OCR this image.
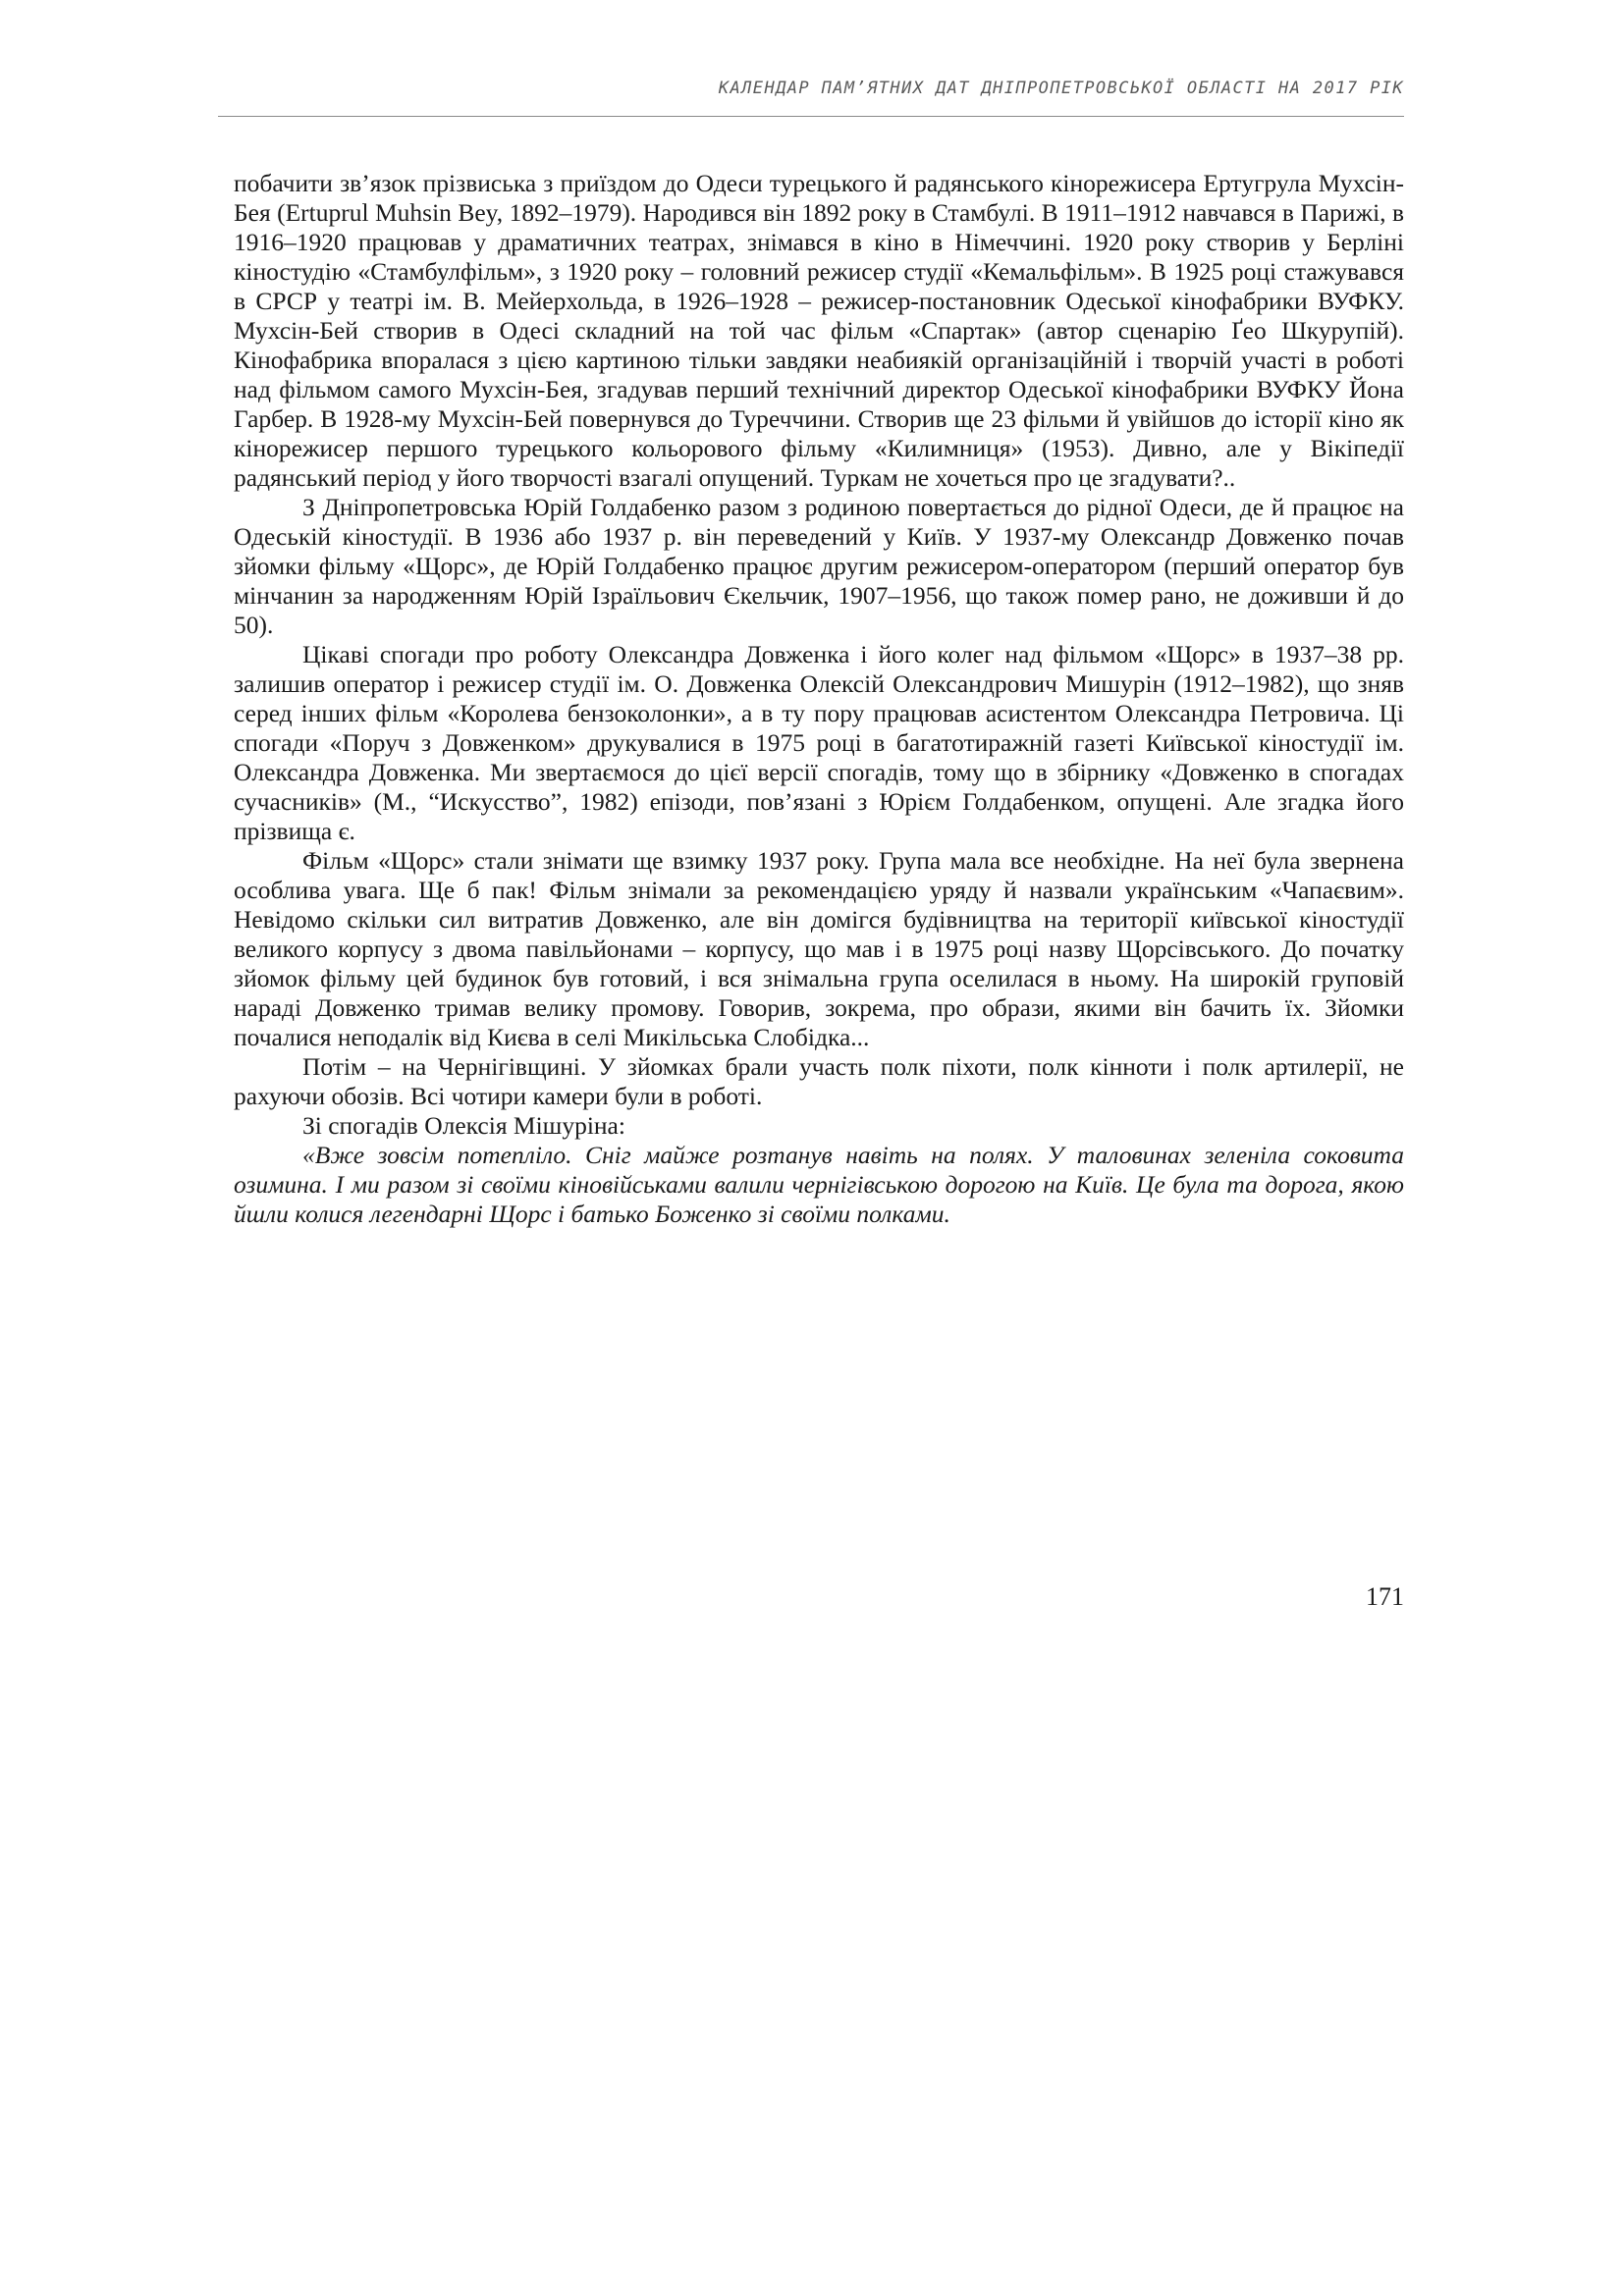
КАЛЕНДАР ПАМ’ЯТНИХ ДАТ ДНІПРОПЕТРОВСЬКОЇ ОБЛАСТІ НА 2017 РІК

побачити зв’язок прізвиська з приїздом до Одеси турецького й радянського кінорежисера Ертугрула Мухсін-Бея (Ertuprul Muhsin Bey, 1892–1979). Народився він 1892 року в Стамбулі. В 1911–1912 навчався в Парижі, в 1916–1920 працював у драматичних театрах, знімався в кіно в Німеччині. 1920 року створив у Берліні кіностудію «Стамбулфільм», з 1920 року – головний режисер студії «Кемальфільм». В 1925 році стажувався в СРСР у театрі ім. В. Мейерхольда, в 1926–1928 – режисер-постановник Одеської кінофабрики ВУФКУ. Мухсін-Бей створив в Одесі складний на той час фільм «Спартак» (автор сценарію Ґео Шкурупій). Кінофабрика впоралася з цією картиною тільки завдяки неабиякій організаційній і творчій участі в роботі над фільмом самого Мухсін-Бея, згадував перший технічний директор Одеської кінофабрики ВУФКУ Йона Гарбер. В 1928-му Мухсін-Бей повернувся до Туреччини. Створив ще 23 фільми й увійшов до історії кіно як кінорежисер першого турецького кольорового фільму «Килимниця» (1953). Дивно, але у Вікіпедії радянський період у його творчості взагалі опущений. Туркам не хочеться про це згадувати?..

З Дніпропетровська Юрій Голдабенко разом з родиною повертається до рідної Одеси, де й працює на Одеській кіностудії. В 1936 або 1937 р. він переведений у Київ. У 1937-му Олександр Довженко почав зйомки фільму «Щорс», де Юрій Голдабенко працює другим режисером-оператором (перший оператор був мінчанин за народженням Юрій Ізраїльович Єкельчик, 1907–1956, що також помер рано, не доживши й до 50).

Цікаві спогади про роботу Олександра Довженка і його колег над фільмом «Щорс» в 1937–38 рр. залишив оператор і режисер студії ім. О. Довженка Олексій Олександрович Мишурін (1912–1982), що зняв серед інших фільм «Королева бензоколонки», а в ту пору працював асистентом Олександра Петровича. Ці спогади «Поруч з Довженком» друкувалися в 1975 році в багатотиражній газеті Київської кіностудії ім. Олександра Довженка. Ми звертаємося до цієї версії спогадів, тому що в збірнику «Довженко в спогадах сучасників» (М., “Искусство”, 1982) епізоди, пов’язані з Юрієм Голдабенком, опущені. Але згадка його прізвища є.

Фільм «Щорс» стали знімати ще взимку 1937 року. Група мала все необхідне. На неї була звернена особлива увага. Ще б пак! Фільм знімали за рекомендацією уряду й назвали українським «Чапаєвим». Невідомо скільки сил витратив Довженко, але він домігся будівництва на території київської кіностудії великого корпусу з двома павільйонами – корпусу, що мав і в 1975 році назву Щорсівського. До початку зйомок фільму цей будинок був готовий, і вся знімальна група оселилася в ньому. На широкій груповій нараді Довженко тримав велику промову. Говорив, зокрема, про образи, якими він бачить їх. Зйомки почалися неподалік від Києва в селі Микільська Слобідка...

Потім – на Чернігівщині. У зйомках брали участь полк піхоти, полк кінноти і полк артилерії, не рахуючи обозів. Всі чотири камери були в роботі.

Зі спогадів Олексія Мішуріна:

«Вже зовсім потепліло. Сніг майже розтанув навіть на полях. У таловинах зеленіла соковита озимина. І ми разом зі своїми кіновійськами валили чернігівською дорогою на Київ. Це була та дорога, якою йшли колися легендарні Щорс і батько Боженко зі своїми полками.

171
